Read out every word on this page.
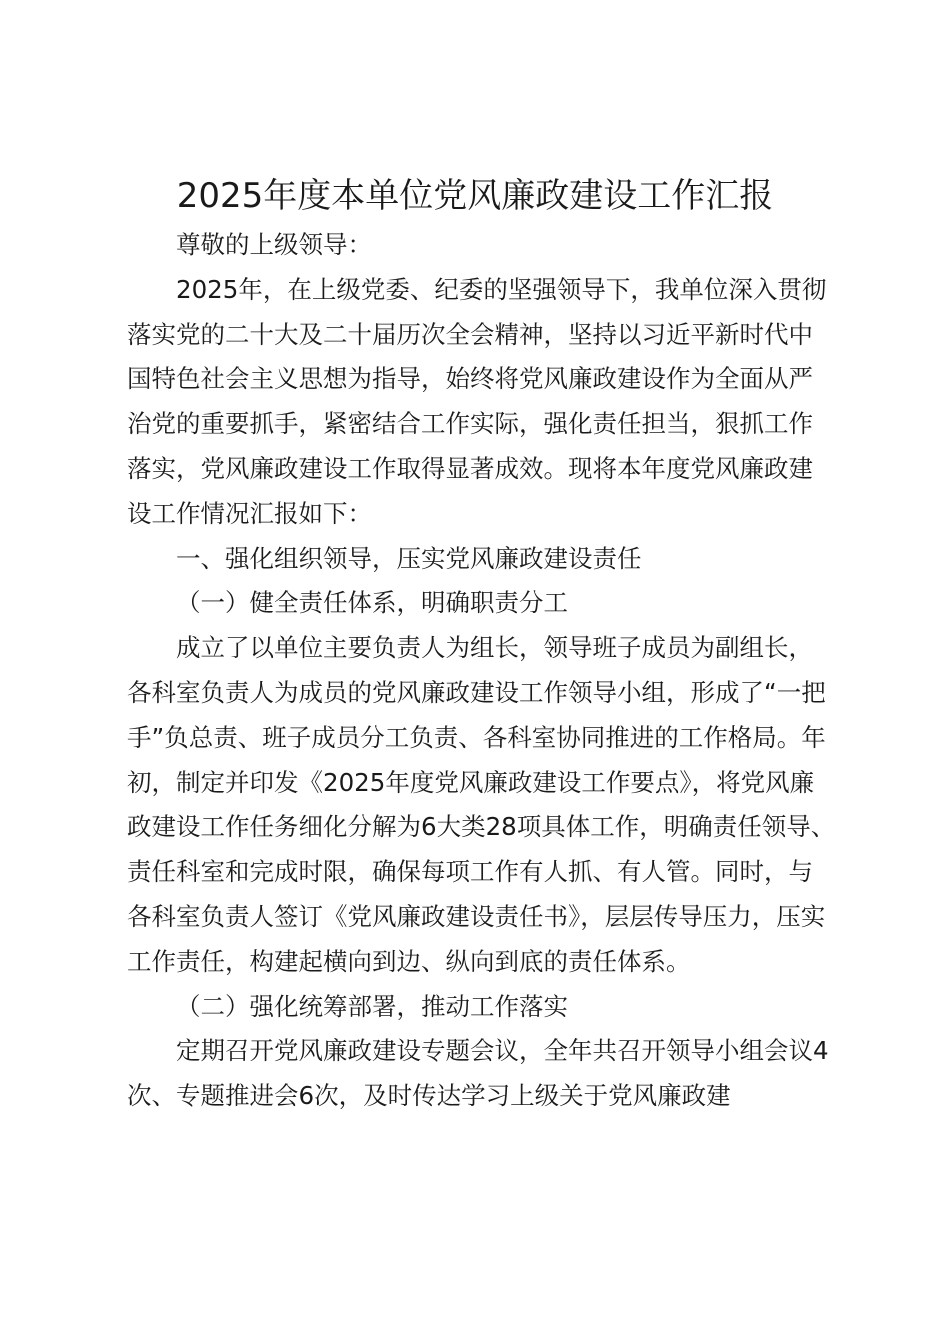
2025年度本单位党风廉政建设工作汇报

尊敬的上级领导：

2025年，在上级党委、纪委的坚强领导下，我单位深入贯彻落实党的二十大及二十届历次全会精神，坚持以习近平新时代中国特色社会主义思想为指导，始终将党风廉政建设作为全面从严治党的重要抓手，紧密结合工作实际，强化责任担当，狠抓工作落实，党风廉政建设工作取得显著成效。现将本年度党风廉政建设工作情况汇报如下：

一、强化组织领导，压实党风廉政建设责任

（一）健全责任体系，明确职责分工

成立了以单位主要负责人为组长，领导班子成员为副组长，各科室负责人为成员的党风廉政建设工作领导小组，形成了“一把手”负总责、班子成员分工负责、各科室协同推进的工作格局。年初，制定并印发《2025年度党风廉政建设工作要点》，将党风廉政建设工作任务细化分解为6大类28项具体工作，明确责任领导、责任科室和完成时限，确保每项工作有人抓、有人管。同时，与各科室负责人签订《党风廉政建设责任书》，层层传导压力，压实工作责任，构建起横向到边、纵向到底的责任体系。

（二）强化统筹部署，推动工作落实

定期召开党风廉政建设专题会议，全年共召开领导小组会议4次、专题推进会6次，及时传达学习上级关于党风廉政建
